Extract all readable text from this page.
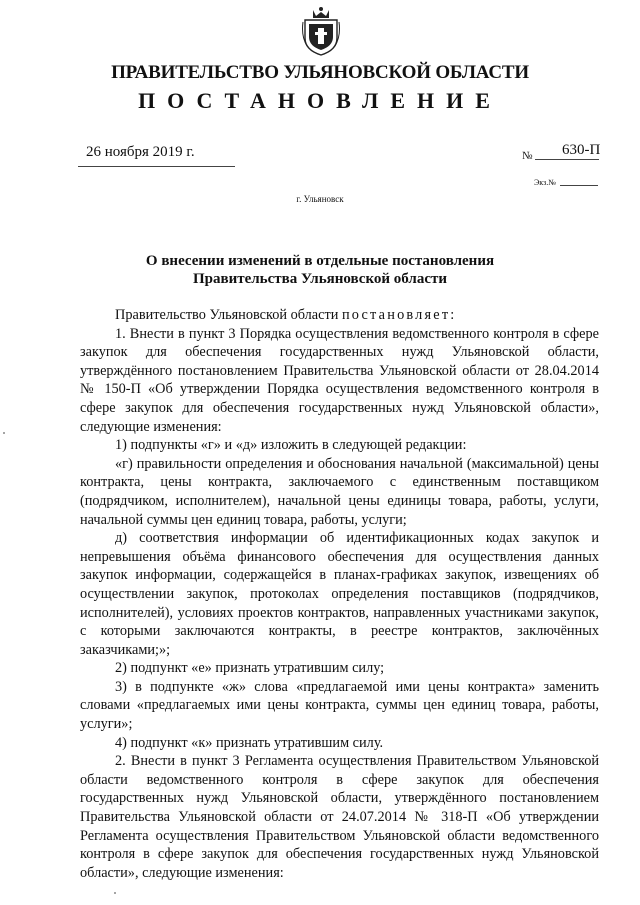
ПРАВИТЕЛЬСТВО УЛЬЯНОВСКОЙ ОБЛАСТИ
ПОСТАНОВЛЕНИЕ
26 ноября 2019 г.	№ 630-П
Экз.№
г. Ульяновск
О внесении изменений в отдельные постановления
Правительства Ульяновской области

Правительство Ульяновской области постановляет:

1. Внести в пункт 3 Порядка осуществления ведомственного контроля в сфере закупок для обеспечения государственных нужд Ульяновской области, утверждённого постановлением Правительства Ульяновской области от 28.04.2014 № 150-П «Об утверждении Порядка осуществления ведомственного контроля в сфере закупок для обеспечения государственных нужд Ульяновской области», следующие изменения:

1) подпункты «г» и «д» изложить в следующей редакции:

«г) правильности определения и обоснования начальной (максимальной) цены контракта, цены контракта, заключаемого с единственным поставщиком (подрядчиком, исполнителем), начальной цены единицы товара, работы, услуги, начальной суммы цен единиц товара, работы, услуги;

д) соответствия информации об идентификационных кодах закупок и непревышения объёма финансового обеспечения для осуществления данных закупок информации, содержащейся в планах-графиках закупок, извещениях об осуществлении закупок, протоколах определения поставщиков (подрядчиков, исполнителей), условиях проектов контрактов, направленных участниками закупок, с которыми заключаются контракты, в реестре контрактов, заключённых заказчиками;»;

2) подпункт «е» признать утратившим силу;

3) в подпункте «ж» слова «предлагаемой ими цены контракта» заменить словами «предлагаемых ими цены контракта, суммы цен единиц товара, работы, услуги»;

4) подпункт «к» признать утратившим силу.

2. Внести в пункт 3 Регламента осуществления Правительством Ульяновской области ведомственного контроля в сфере закупок для обеспечения государственных нужд Ульяновской области, утверждённого постановлением Правительства Ульяновской области от 24.07.2014 № 318-П «Об утверждении Регламента осуществления Правительством Ульяновской области ведомственного контроля в сфере закупок для обеспечения государственных нужд Ульяновской области», следующие изменения:
